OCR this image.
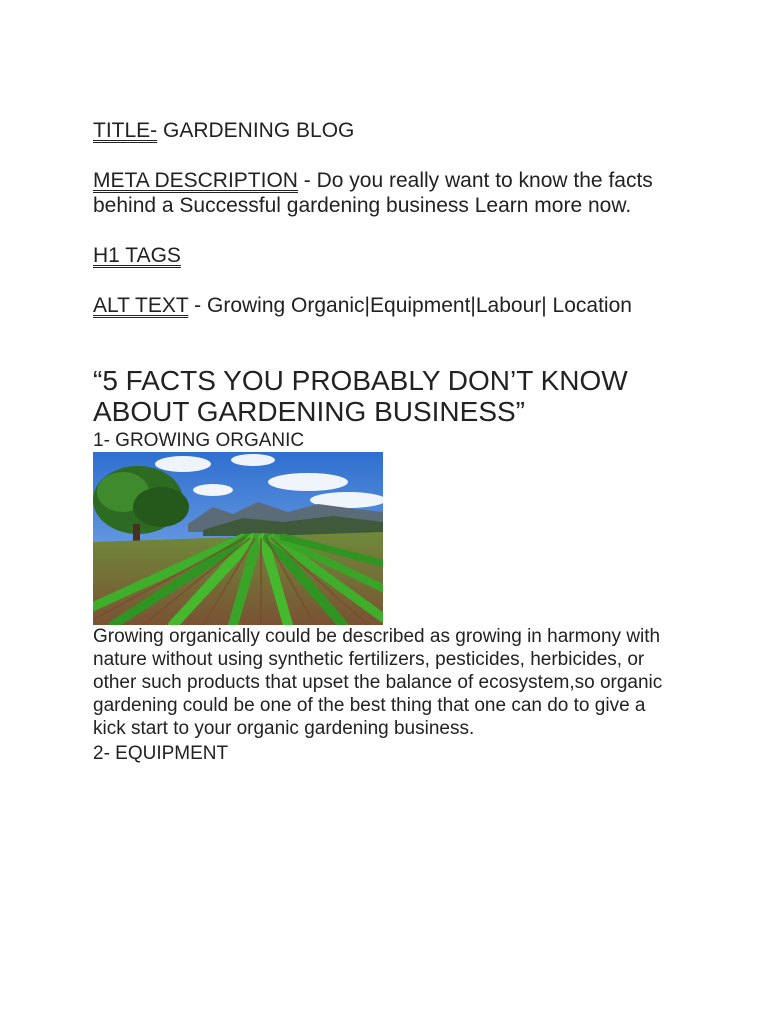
TITLE- GARDENING BLOG

META DESCRIPTION - Do you really want to know the facts behind a Successful gardening business Learn more now.

H1 TAGS

ALT TEXT - Growing Organic|Equipment|Labour| Location

“5 FACTS YOU PROBABLY DON’T KNOW ABOUT GARDENING BUSINESS”
1- GROWING ORGANIC

Growing organically could be described as growing in harmony with nature without using synthetic fertilizers, pesticides, herbicides, or other such products that upset the balance of ecosystem,so organic gardening could be one of the best thing that one can do to give a kick start to your organic gardening business.

2- EQUIPMENT
